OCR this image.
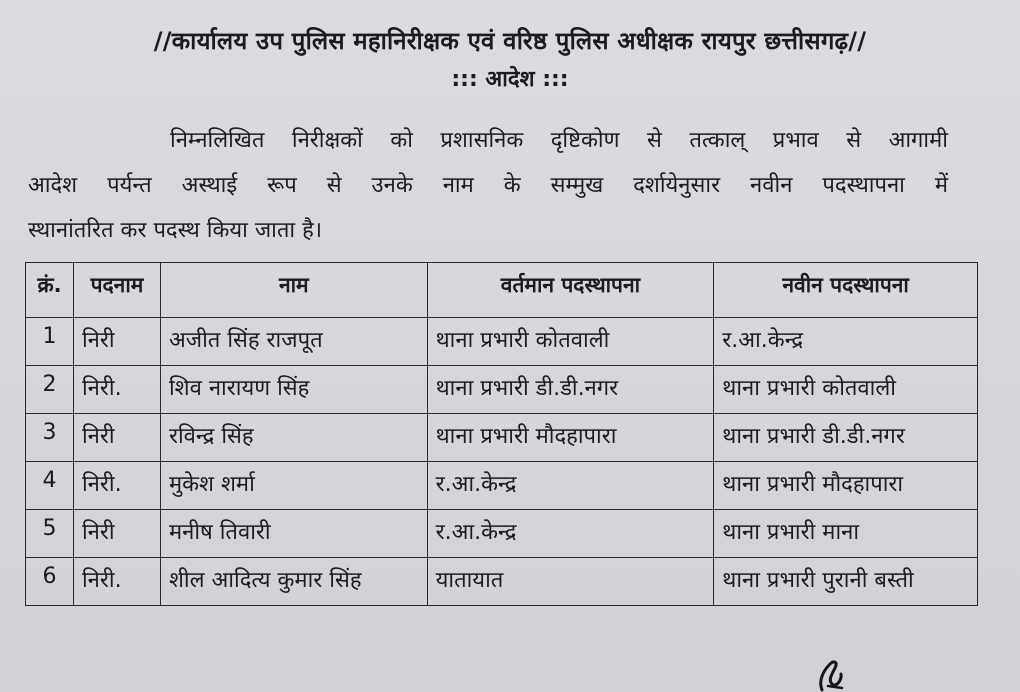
//कार्यालय उप पुलिस महानिरीक्षक एवं वरिष्ठ पुलिस अधीक्षक रायपुर छत्तीसगढ़//
::: आदेश :::
निम्नलिखित निरीक्षकों को प्रशासनिक दृष्टिकोण से तत्काल् प्रभाव से आगामी
आदेश पर्यन्त अस्थाई रूप से उनके नाम के सम्मुख दर्शायेनुसार नवीन पदस्थापना में
स्थानांतरित कर पदस्थ किया जाता है।
क्रं.	पदनाम	नाम	वर्तमान पदस्थापना	नवीन पदस्थापना
1	निरी	अजीत सिंह राजपूत	थाना प्रभारी कोतवाली	र.आ.केन्द्र
2	निरी.	शिव नारायण सिंह	थाना प्रभारी डी.डी.नगर	थाना प्रभारी कोतवाली
3	निरी	रविन्द्र सिंह	थाना प्रभारी मौदहापारा	थाना प्रभारी डी.डी.नगर
4	निरी.	मुकेश शर्मा	र.आ.केन्द्र	थाना प्रभारी मौदहापारा
5	निरी	मनीष तिवारी	र.आ.केन्द्र	थाना प्रभारी माना
6	निरी.	शील आदित्य कुमार सिंह	यातायात	थाना प्रभारी पुरानी बस्ती
